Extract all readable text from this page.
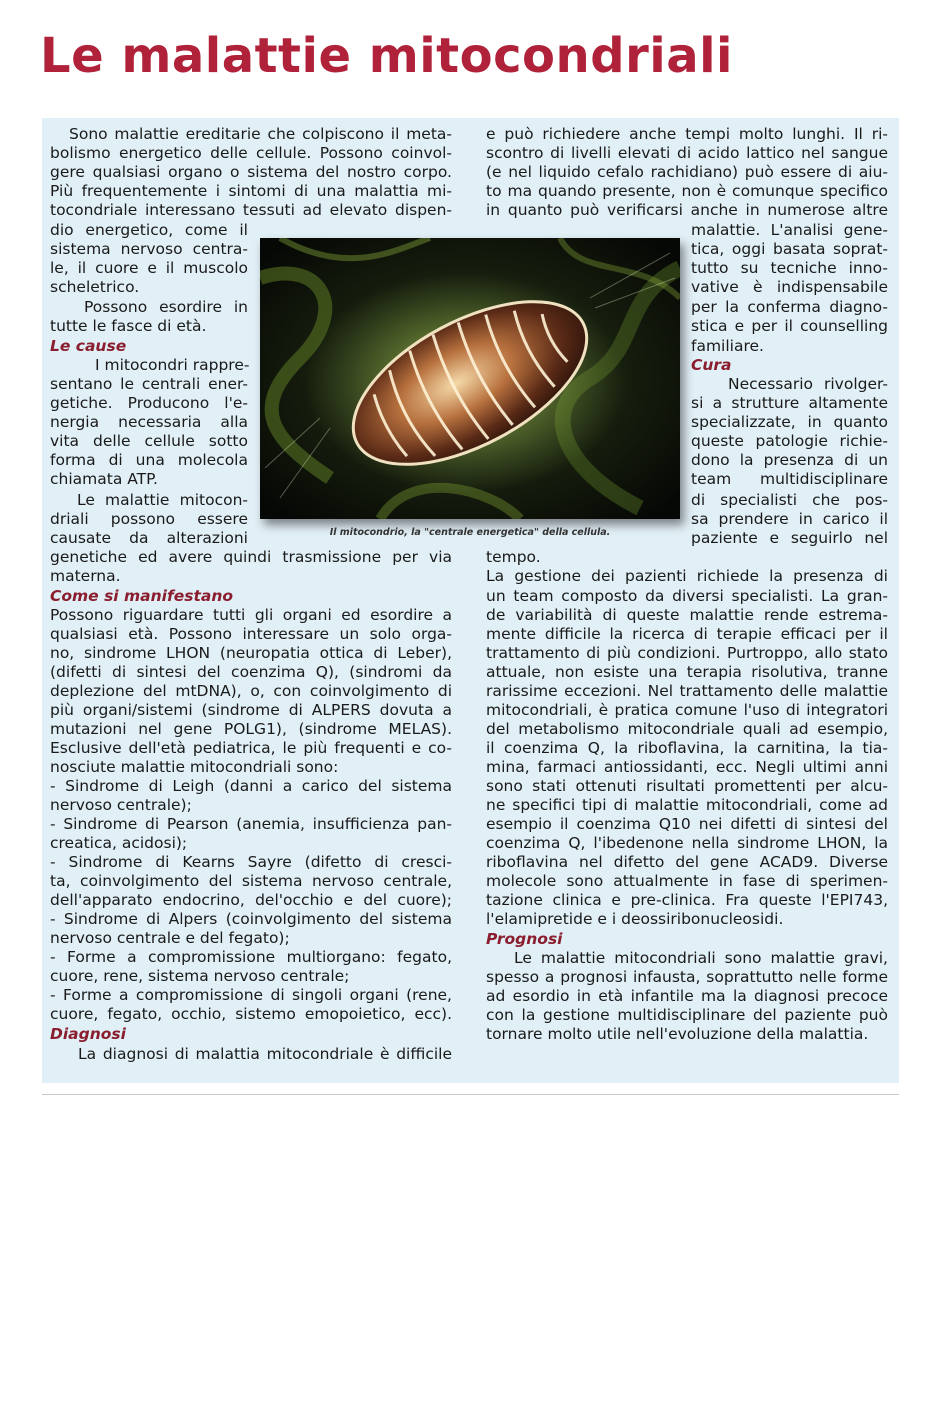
Le malattie mitocondriali
Il mitocondrio, la "centrale energetica" della cellula.
Sono malattie ereditarie che colpiscono il meta-
bolismo energetico delle cellule. Possono coinvol-
gere qualsiasi organo o sistema del nostro corpo.
Più frequentemente i sintomi di una malattia mi-
tocondriale interessano tessuti ad elevato dispen-
dio energetico, come il
sistema nervoso centra-
le, il cuore e il muscolo
scheletrico.
Possono esordire in
tutte le fasce di età.
Le cause
I mitocondri rappre-
sentano le centrali ener-
getiche. Producono l'e-
nergia necessaria alla
vita delle cellule sotto
forma di una molecola
chiamata ATP.
Le malattie mitocon-
driali possono essere
causate da alterazioni
genetiche ed avere quindi trasmissione per via
materna.
Come si manifestano
Possono riguardare tutti gli organi ed esordire a
qualsiasi età. Possono interessare un solo orga-
no, sindrome LHON (neuropatia ottica di Leber),
(difetti di sintesi del coenzima Q), (sindromi da
deplezione del mtDNA), o, con coinvolgimento di
più organi/sistemi (sindrome di ALPERS dovuta a
mutazioni nel gene POLG1), (sindrome MELAS).
Esclusive dell'età pediatrica, le più frequenti e co-
nosciute malattie mitocondriali sono:
- Sindrome di Leigh (danni a carico del sistema
nervoso centrale);
- Sindrome di Pearson (anemia, insufficienza pan-
creatica, acidosi);
- Sindrome di Kearns Sayre (difetto di cresci-
ta, coinvolgimento del sistema nervoso centrale,
dell'apparato endocrino, del'occhio e del cuore);
- Sindrome di Alpers (coinvolgimento del sistema
nervoso centrale e del fegato);
- Forme a compromissione multiorgano: fegato,
cuore, rene, sistema nervoso centrale;
- Forme a compromissione di singoli organi (rene,
cuore, fegato, occhio, sistemo emopoietico, ecc).
Diagnosi
La diagnosi di malattia mitocondriale è difficile
e può richiedere anche tempi molto lunghi. Il ri-
scontro di livelli elevati di acido lattico nel sangue
(e nel liquido cefalo rachidiano) può essere di aiu-
to ma quando presente, non è comunque specifico
in quanto può verificarsi anche in numerose altre
malattie. L'analisi gene-
tica, oggi basata soprat-
tutto su tecniche inno-
vative è indispensabile
per la conferma diagno-
stica e per il counselling
familiare.
Cura
Necessario rivolger-
si a strutture altamente
specializzate, in quanto
queste patologie richie-
dono la presenza di un
team multidisciplinare
di specialisti che pos-
sa prendere in carico il
paziente e seguirlo nel
tempo.
La gestione dei pazienti richiede la presenza di
un team composto da diversi specialisti. La gran-
de variabilità di queste malattie rende estrema-
mente difficile la ricerca di terapie efficaci per il
trattamento di più condizioni. Purtroppo, allo stato
attuale, non esiste una terapia risolutiva, tranne
rarissime eccezioni. Nel trattamento delle malattie
mitocondriali, è pratica comune l'uso di integratori
del metabolismo mitocondriale quali ad esempio,
il coenzima Q, la riboflavina, la carnitina, la tia-
mina, farmaci antiossidanti, ecc. Negli ultimi anni
sono stati ottenuti risultati promettenti per alcu-
ne specifici tipi di malattie mitocondriali, come ad
esempio il coenzima Q10 nei difetti di sintesi del
coenzima Q, l'ibedenone nella sindrome LHON, la
riboflavina nel difetto del gene ACAD9. Diverse
molecole sono attualmente in fase di sperimen-
tazione clinica e pre-clinica. Fra queste l'EPI743,
l'elamipretide e i deossiribonucleosidi.
Prognosi
Le malattie mitocondriali sono malattie gravi,
spesso a prognosi infausta, soprattutto nelle forme
ad esordio in età infantile ma la diagnosi precoce
con la gestione multidisciplinare del paziente può
tornare molto utile nell'evoluzione della malattia.
